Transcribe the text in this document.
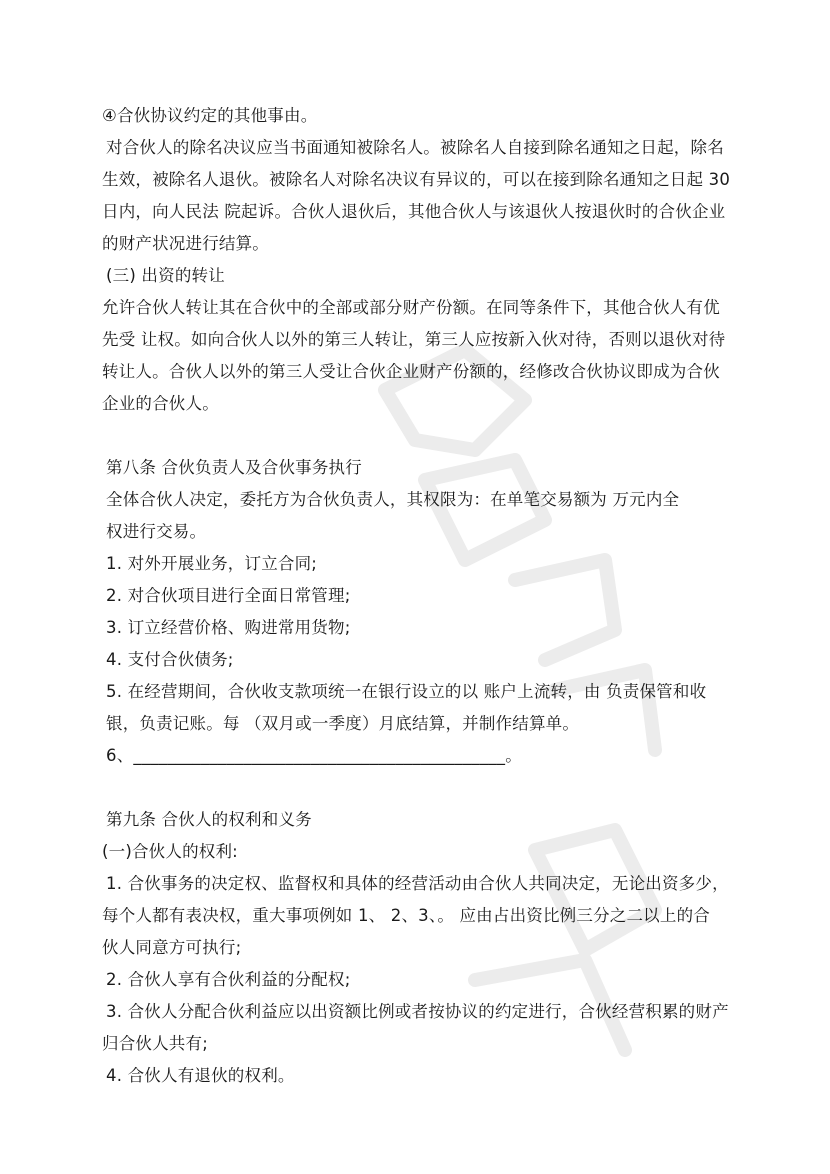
④合伙协议约定的其他事由。
对合伙人的除名决议应当书面通知被除名人。被除名人自接到除名通知之日起，除名
生效，被除名人退伙。被除名人对除名决议有异议的，可以在接到除名通知之日起 30
日内，向人民法 院起诉。合伙人退伙后，其他合伙人与该退伙人按退伙时的合伙企业
的财产状况进行结算。
(三) 出资的转让
允许合伙人转让其在合伙中的全部或部分财产份额。在同等条件下，其他合伙人有优
先受 让权。如向合伙人以外的第三人转让，第三人应按新入伙对待，否则以退伙对待
转让人。合伙人以外的第三人受让合伙企业财产份额的，经修改合伙协议即成为合伙
企业的合伙人。
第八条 合伙负责人及合伙事务执行
全体合伙人决定，委托方为合伙负责人，其权限为：在单笔交易额为 万元内全
权进行交易。
1. 对外开展业务，订立合同;
2. 对合伙项目进行全面日常管理;
3. 订立经营价格、购进常用货物;
4. 支付合伙债务;
5. 在经营期间，合伙收支款项统一在银行设立的以 账户上流转，由 负责保管和收
银，负责记账。每 （双月或一季度）月底结算，并制作结算单。
6、____________________________________________。
第九条 合伙人的权利和义务
(一)合伙人的权利:
1. 合伙事务的决定权、监督权和具体的经营活动由合伙人共同决定，无论出资多少，
每个人都有表决权，重大事项例如 1、 2、3、。 应由占出资比例三分之二以上的合
伙人同意方可执行;
2. 合伙人享有合伙利益的分配权;
3. 合伙人分配合伙利益应以出资额比例或者按协议的约定进行，合伙经营积累的财产
归合伙人共有;
4. 合伙人有退伙的权利。
